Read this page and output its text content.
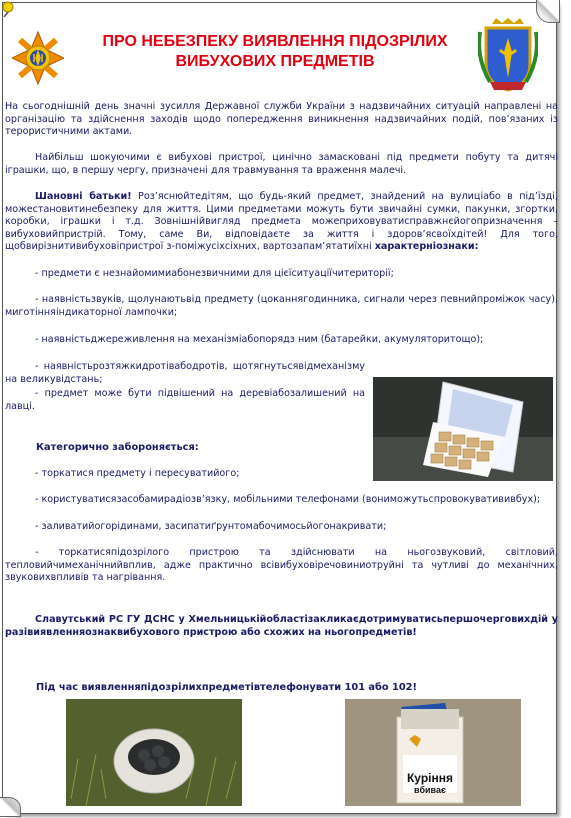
ПРО НЕБЕЗПЕКУ ВИЯВЛЕННЯ ПІДОЗРІЛИХ
ВИБУХОВИХ ПРЕДМЕТІВ
На сьогоднішній день значні зусилля Державної служби України з надзвичайних ситуацій направлені на організацію та здійснення заходів щодо попередження виникнення надзвичайних подій, пов’язаних із терористичними актами.
Найбільш шокуючими є вибухові пристрої, цинічно замасковані під предмети побуту та дитячі іграшки, що, в першу чергу, призначені для травмування та враження малечі.
Шановні батьки! Роз’яснюйтедітям, що будь-який предмет, знайдений на вулиціабо в під’їзді, можестановитинебезпеку для життя. Цими предметами можуть бути звичайні сумки, пакунки, згортки, коробки, іграшки і т.д. Зовнішнійвигляд предмета можеприховуватисправжнєйогопризначення – вибуховийпристрій. Тому, самe Ви, відповідаєте за життя і здоров’ясвоїхдітей! Для того, щобвирізнитивибуховіпристрої з-поміжусіхсіхних, вартозапам’ятатиїхні характерніознаки:
- предмети є незнайомимиабонезвичними для цієїситуаціїчитериторії;
- наявністьзвуків, щолунаютьвід предмету (цоканнягодинника, сигнали через певнийпроміжок часу), миготінняіндикаторної лампочки;
- наявністьджереживлення на механізміабопорядз ним (батарейки, акумуляторитощо);
- наявністьрозтяжкидротівабодротів, щотягнутьсявідмеханізму на великувідстань;
- предмет може бути підвішений на деревіабозалишений на лавці.
Категорично забороняється:
- торкатися предмету і пересуватийого;
- користуватисязасобамирадіозв’язку, мобільними телефонами (вониможутьспровокуватививбух);
- заливатийогорідинами, засипатиґрунтомабочимосьйогонакривати;
- торкатисяпідозрілого пристрою та здійснювати на ньогозвуковий, світловий, тепловийчимеханічнийвплив, адже практично всівибуховіречовиниотруйні та чутливі до механічних, звуковихвпливів та нагрівання.
Славутський РС ГУ ДСНС у Хмельницькійобластізакликаєдотримуватисьпершочерговихдій у разівиявленняознаквибухового пристрою або схожих на ньогопредметів!
Під час виявленняпідозрілихпредметівтелефонувати 101 або 102!
Курiння
вбиває
